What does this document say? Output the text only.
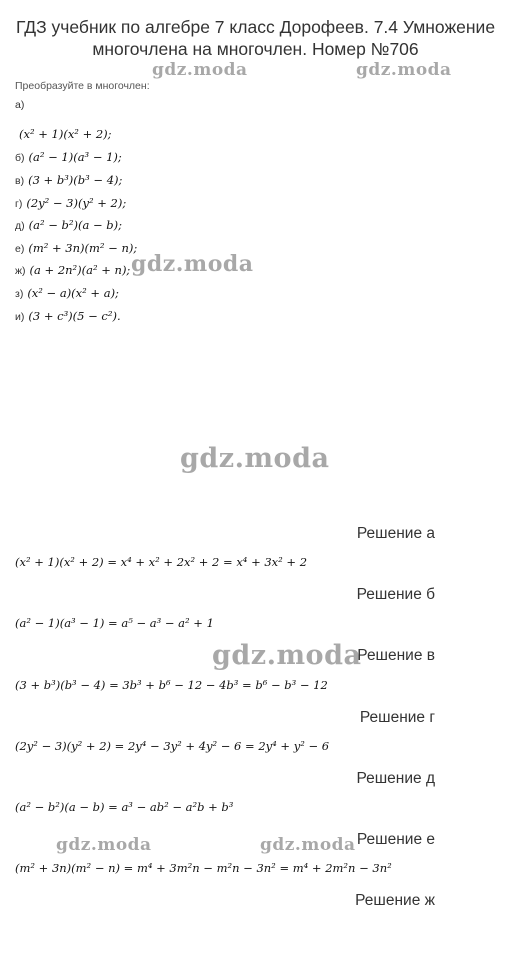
ГДЗ учебник по алгебре 7 класс Дорофеев. 7.4 Умножение
многочлена на многочлен. Номер №706
gdz.moda	gdz.moda
gdz.moda
gdz.moda
gdz.moda
gdz.moda	gdz.moda
Преобразуйте в многочлен:
а)
(x² + 1)(x² + 2);
б) (a² − 1)(a³ − 1);
в) (3 + b³)(b³ − 4);
г) (2y² − 3)(y² + 2);
д) (a² − b²)(a − b);
е) (m² + 3n)(m² − n);
ж) (a + 2n²)(a² + n);
з) (x² − a)(x² + a);
и) (3 + c³)(5 − c²).
Решение а
(x² + 1)(x² + 2) = x⁴ + x² + 2x² + 2 = x⁴ + 3x² + 2
Решение б
(a² − 1)(a³ − 1) = a⁵ − a³ − a² + 1
Решение в
(3 + b³)(b³ − 4) = 3b³ + b⁶ − 12 − 4b³ = b⁶ − b³ − 12
Решение г
(2y² − 3)(y² + 2) = 2y⁴ − 3y² + 4y² − 6 = 2y⁴ + y² − 6
Решение д
(a² − b²)(a − b) = a³ − ab² − a²b + b³
Решение е
(m² + 3n)(m² − n) = m⁴ + 3m²n − m²n − 3n² = m⁴ + 2m²n − 3n²
Решение ж
